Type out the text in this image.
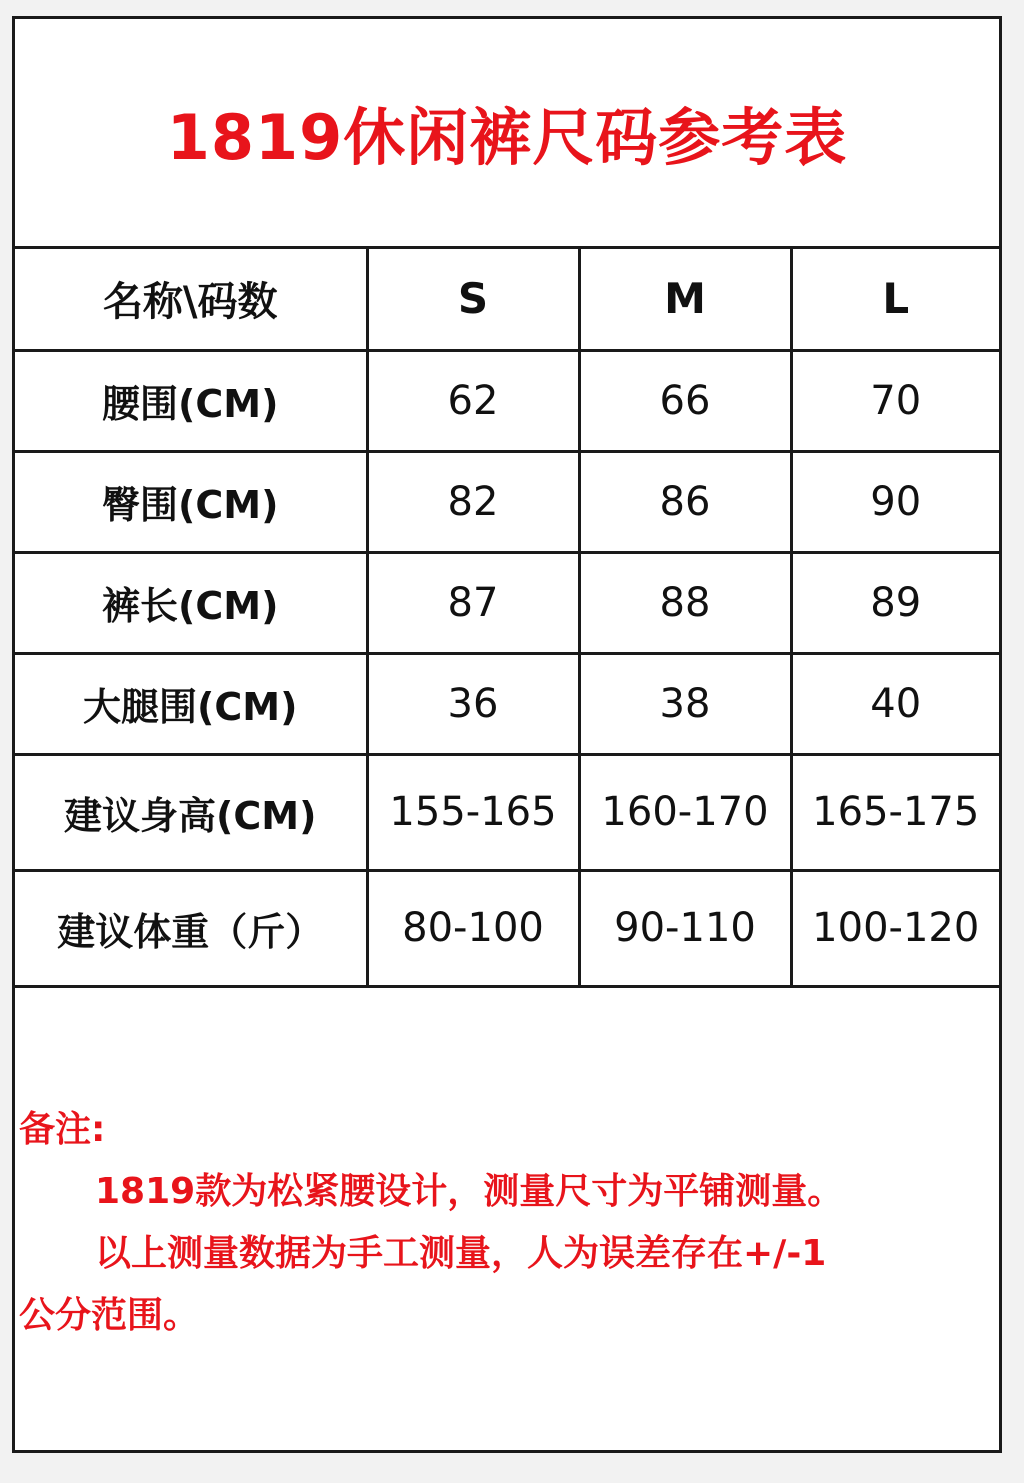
1819休闲裤尺码参考表
名称\码数	S	M	L
腰围(CM)	62	66	70
臀围(CM)	82	86	90
裤长(CM)	87	88	89
大腿围(CM)	36	38	40
建议身高(CM)	155-165	160-170	165-175
建议体重（斤）	80-100	90-110	100-120

备注:

1819款为松紧腰设计，测量尺寸为平铺测量。

以上测量数据为手工测量，人为误差存在+/-1

公分范围。
